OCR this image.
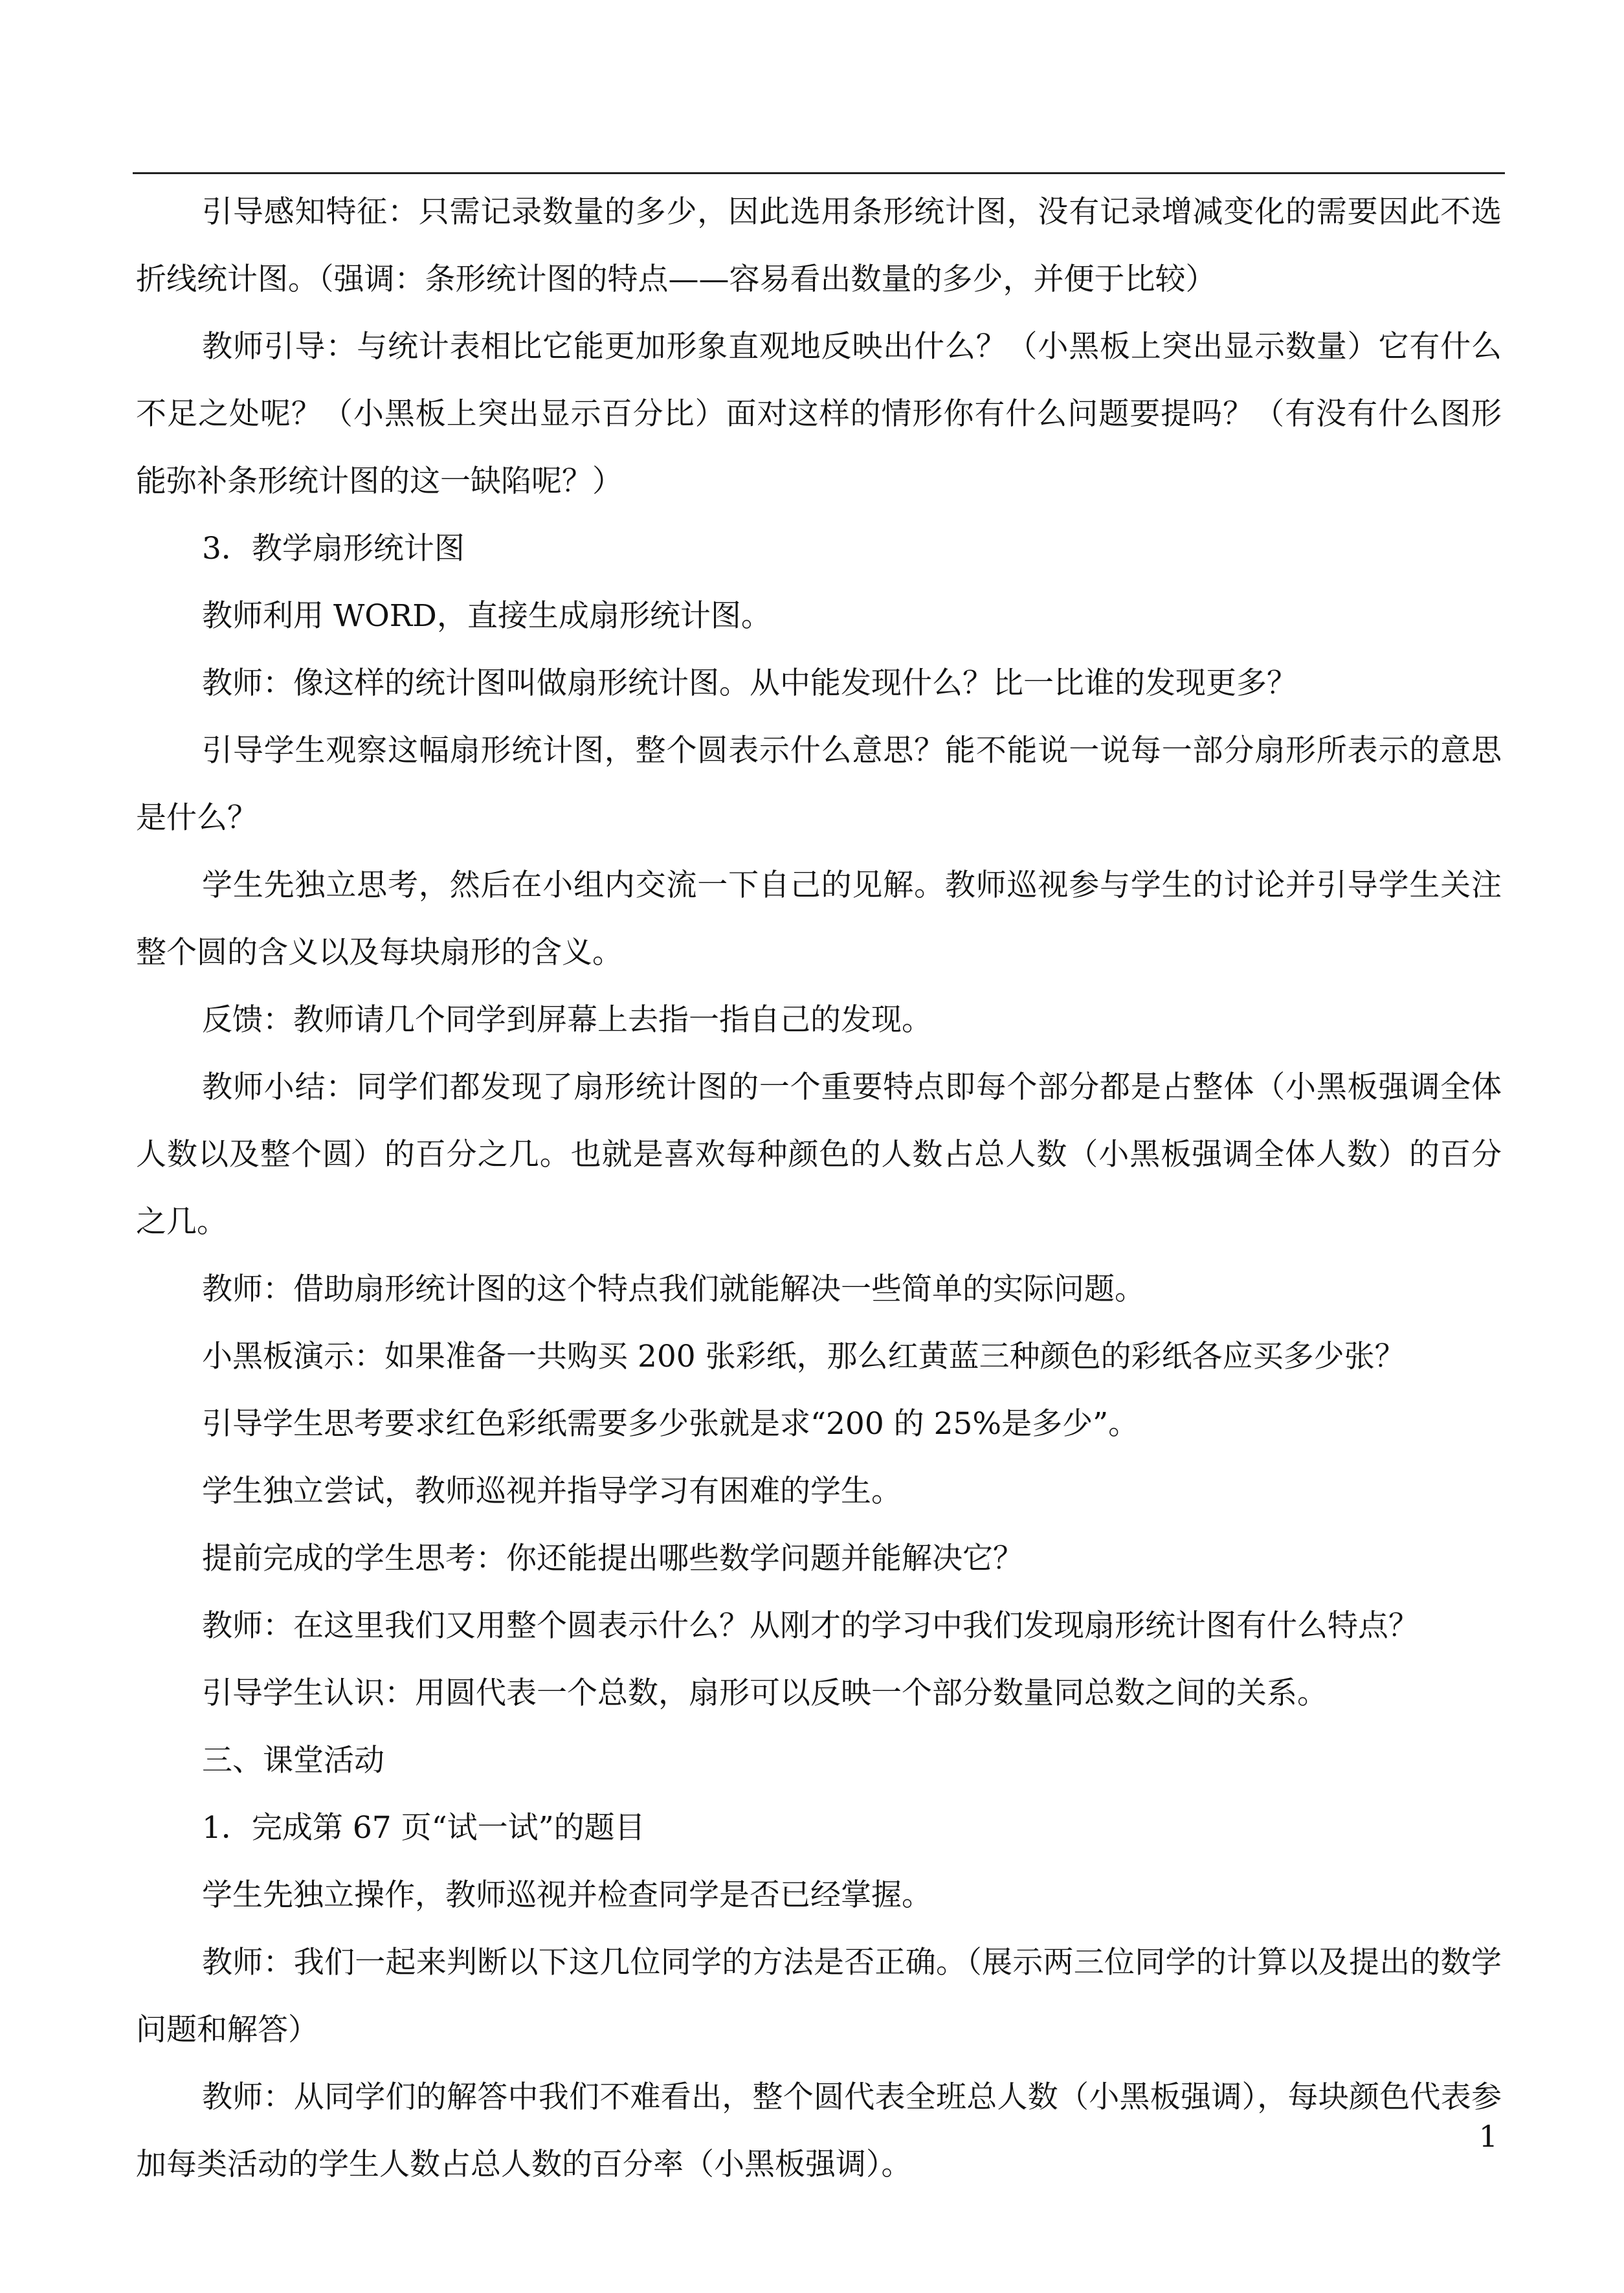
引导感知特征：只需记录数量的多少，因此选用条形统计图，没有记录增减变化的需要因此不选折线统计图。（强调：条形统计图的特点——容易看出数量的多少，并便于比较）

教师引导：与统计表相比它能更加形象直观地反映出什么？（小黑板上突出显示数量）它有什么不足之处呢？（小黑板上突出显示百分比）面对这样的情形你有什么问题要提吗？（有没有什么图形能弥补条形统计图的这一缺陷呢？）

3．教学扇形统计图

教师利用 WORD，直接生成扇形统计图。

教师：像这样的统计图叫做扇形统计图。从中能发现什么？比一比谁的发现更多？

引导学生观察这幅扇形统计图，整个圆表示什么意思？能不能说一说每一部分扇形所表示的意思是什么？

学生先独立思考，然后在小组内交流一下自己的见解。教师巡视参与学生的讨论并引导学生关注整个圆的含义以及每块扇形的含义。

反馈：教师请几个同学到屏幕上去指一指自己的发现。

教师小结：同学们都发现了扇形统计图的一个重要特点即每个部分都是占整体（小黑板强调全体人数以及整个圆）的百分之几。也就是喜欢每种颜色的人数占总人数（小黑板强调全体人数）的百分之几。

教师：借助扇形统计图的这个特点我们就能解决一些简单的实际问题。

小黑板演示：如果准备一共购买 200 张彩纸，那么红黄蓝三种颜色的彩纸各应买多少张？

引导学生思考要求红色彩纸需要多少张就是求“200 的 25%是多少”。

学生独立尝试，教师巡视并指导学习有困难的学生。

提前完成的学生思考：你还能提出哪些数学问题并能解决它？

教师：在这里我们又用整个圆表示什么？从刚才的学习中我们发现扇形统计图有什么特点？

引导学生认识：用圆代表一个总数，扇形可以反映一个部分数量同总数之间的关系。

三、课堂活动

1．完成第 67 页“试一试”的题目

学生先独立操作，教师巡视并检查同学是否已经掌握。

教师：我们一起来判断以下这几位同学的方法是否正确。（展示两三位同学的计算以及提出的数学问题和解答）

教师：从同学们的解答中我们不难看出，整个圆代表全班总人数（小黑板强调），每块颜色代表参加每类活动的学生人数占总人数的百分率（小黑板强调）。

1
